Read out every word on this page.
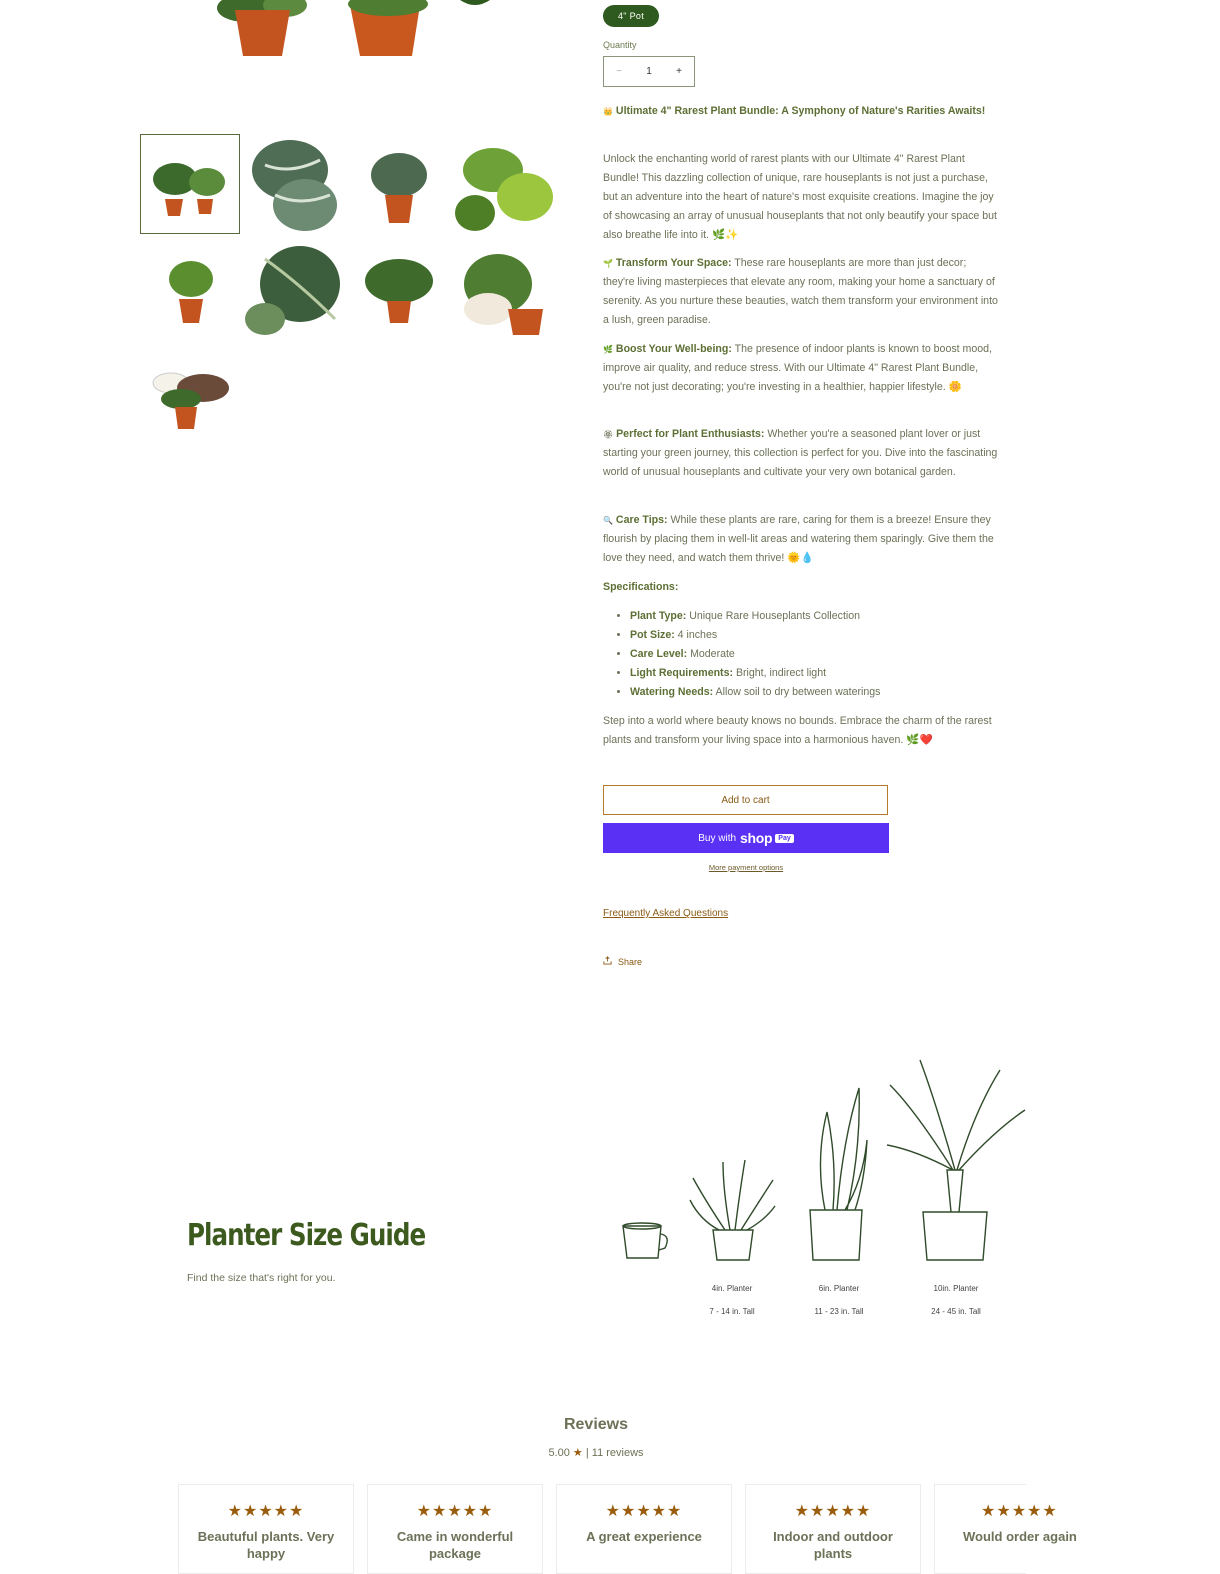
4" Pot
Quantity
−	1	+
👑 Ultimate 4" Rarest Plant Bundle: A Symphony of Nature's Rarities Awaits!
Unlock the enchanting world of rarest plants with our Ultimate 4" Rarest Plant Bundle! This dazzling collection of unique, rare houseplants is not just a purchase, but an adventure into the heart of nature's most exquisite creations. Imagine the joy of showcasing an array of unusual houseplants that not only beautify your space but also breathe life into it. 🌿✨
🌱 Transform Your Space: These rare houseplants are more than just decor; they're living masterpieces that elevate any room, making your home a sanctuary of serenity. As you nurture these beauties, watch them transform your environment into a lush, green paradise.
🌿 Boost Your Well-being: The presence of indoor plants is known to boost mood, improve air quality, and reduce stress. With our Ultimate 4" Rarest Plant Bundle, you're not just decorating; you're investing in a healthier, happier lifestyle. 🌼
🏵 Perfect for Plant Enthusiasts: Whether you're a seasoned plant lover or just starting your green journey, this collection is perfect for you. Dive into the fascinating world of unusual houseplants and cultivate your very own botanical garden.
🔍 Care Tips: While these plants are rare, caring for them is a breeze! Ensure they flourish by placing them in well-lit areas and watering them sparingly. Give them the love they need, and watch them thrive! 🌞💧
Specifications:
• Plant Type: Unique Rare Houseplants Collection
• Pot Size: 4 inches
• Care Level: Moderate
• Light Requirements: Bright, indirect light
• Watering Needs: Allow soil to dry between waterings
Step into a world where beauty knows no bounds. Embrace the charm of the rarest plants and transform your living space into a harmonious haven. 🌿❤️
Add to cart
Buy with shop Pay
More payment options
Frequently Asked Questions
Share
Planter Size Guide
Find the size that's right for you.
4in. Planter
7 - 14 in. Tall
6in. Planter
11 - 23 in. Tall
10in. Planter
24 - 45 in. Tall
Reviews
5.00 ★ | 11 reviews
★★★★★
Beautuful plants. Very happy
★★★★★
Came in wonderful package
★★★★★
A great experience
★★★★★
Indoor and outdoor plants
★★★★★
Would order again
